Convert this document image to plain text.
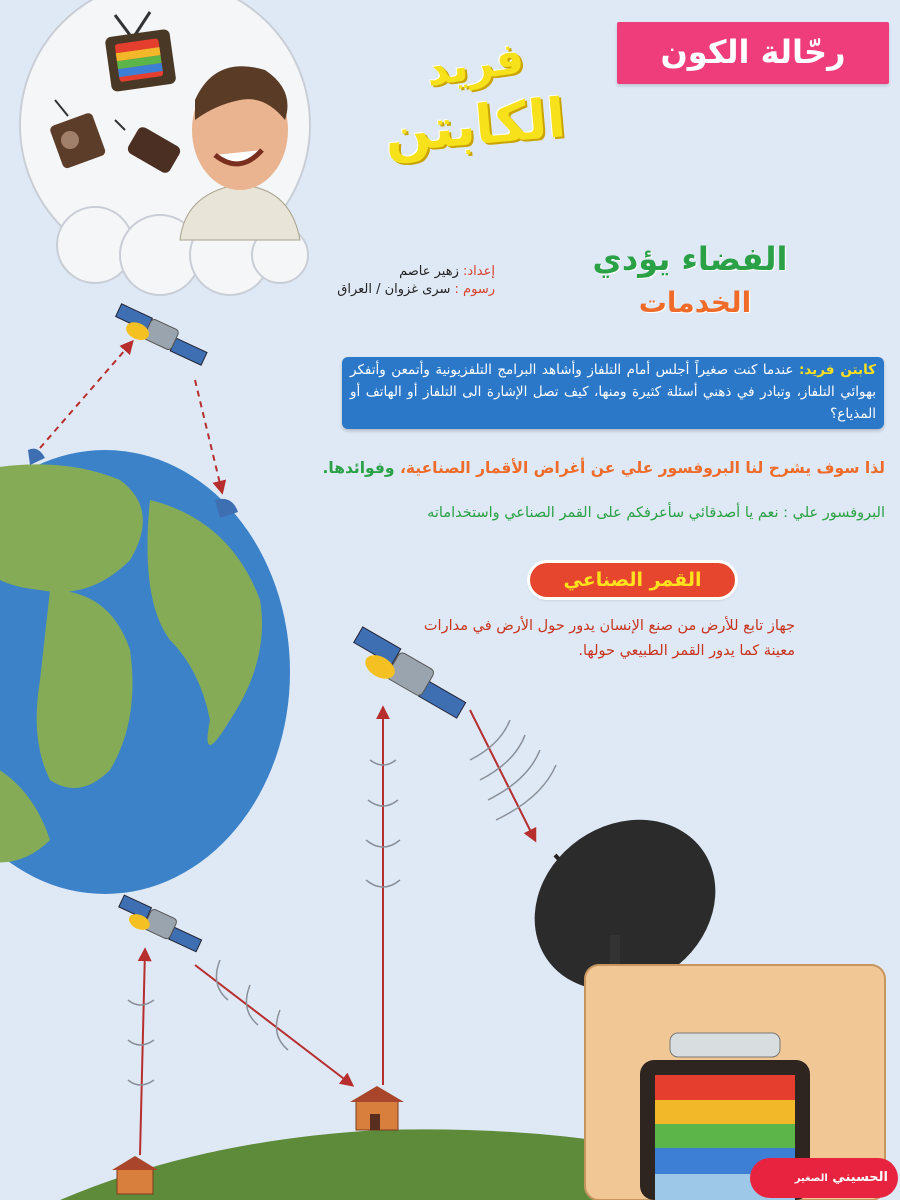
رحّالة الكون
فريد
الكابتن
الفضاء يؤدي
الخدمات
إعداد: زهير عاصم
رسوم : سرى غزوان / العراق
كابتن فريد: عندما كنت صغيراً أجلس أمام التلفاز وأشاهد البرامج التلفزيونية وأتمعن وأتفكر بهوائي التلفاز، وتبادر في ذهني أسئلة كثيرة ومنها، كيف تصل الإشارة الى التلفاز أو الهاتف أو المذياع؟
لذا سوف يشرح لنا البروفسور علي عن أغراض الأقمار الصناعية، وفوائدها.
البروفسور علي : نعم يا أصدقائي سأعرفكم على القمر الصناعي واستخداماته
القمر الصناعي
جهاز تابع للأرض من صنع الإنسان يدور حول الأرض في مدارات معينة كما يدور القمر الطبيعي حولها.
الحسيني الصغير
